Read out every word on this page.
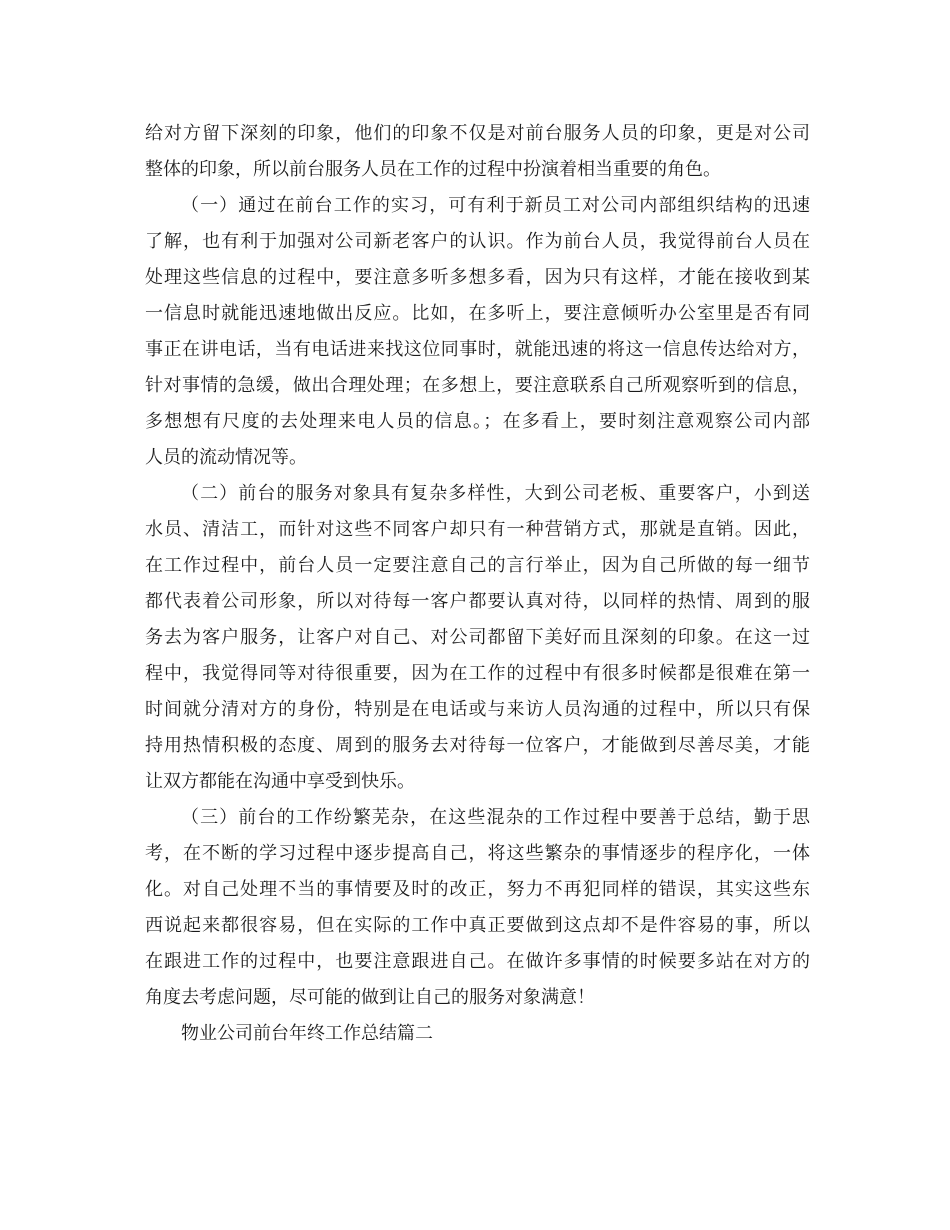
给对方留下深刻的印象，他们的印象不仅是对前台服务人员的印象，更是对公司
整体的印象，所以前台服务人员在工作的过程中扮演着相当重要的角色。
（一）通过在前台工作的实习，可有利于新员工对公司内部组织结构的迅速
了解，也有利于加强对公司新老客户的认识。作为前台人员，我觉得前台人员在
处理这些信息的过程中，要注意多听多想多看，因为只有这样，才能在接收到某
一信息时就能迅速地做出反应。比如，在多听上，要注意倾听办公室里是否有同
事正在讲电话，当有电话进来找这位同事时，就能迅速的将这一信息传达给对方，
针对事情的急缓，做出合理处理；在多想上，要注意联系自己所观察听到的信息，
多想想有尺度的去处理来电人员的信息。；在多看上，要时刻注意观察公司内部
人员的流动情况等。
（二）前台的服务对象具有复杂多样性，大到公司老板、重要客户，小到送
水员、清洁工，而针对这些不同客户却只有一种营销方式，那就是直销。因此，
在工作过程中，前台人员一定要注意自己的言行举止，因为自己所做的每一细节
都代表着公司形象，所以对待每一客户都要认真对待，以同样的热情、周到的服
务去为客户服务，让客户对自己、对公司都留下美好而且深刻的印象。在这一过
程中，我觉得同等对待很重要，因为在工作的过程中有很多时候都是很难在第一
时间就分清对方的身份，特别是在电话或与来访人员沟通的过程中，所以只有保
持用热情积极的态度、周到的服务去对待每一位客户，才能做到尽善尽美，才能
让双方都能在沟通中享受到快乐。
（三）前台的工作纷繁芜杂，在这些混杂的工作过程中要善于总结，勤于思
考，在不断的学习过程中逐步提高自己，将这些繁杂的事情逐步的程序化，一体
化。对自己处理不当的事情要及时的改正，努力不再犯同样的错误，其实这些东
西说起来都很容易，但在实际的工作中真正要做到这点却不是件容易的事，所以
在跟进工作的过程中，也要注意跟进自己。在做许多事情的时候要多站在对方的
角度去考虑问题，尽可能的做到让自己的服务对象满意！
物业公司前台年终工作总结篇二
